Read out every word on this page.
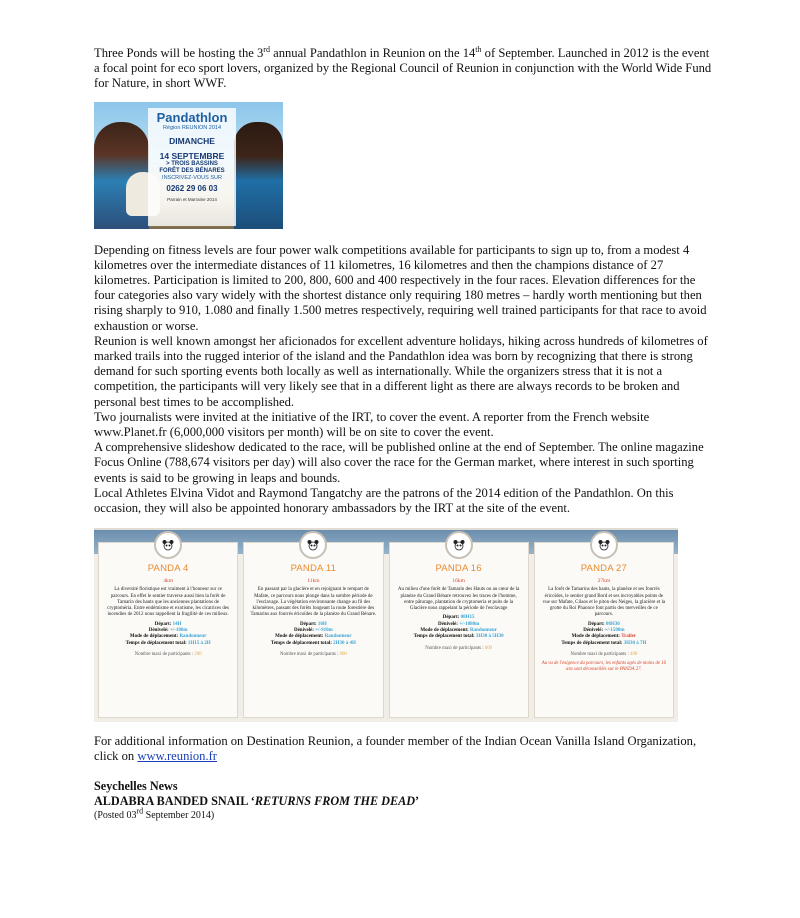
Three Ponds will be hosting the 3rd annual Pandathlon in Reunion on the 14th of September. Launched in 2012 is the event a focal point for eco sport lovers, organized by the Regional Council of Reunion in conjunction with the World Wide Fund for Nature, in short WWF.

Pandathlon
Région REUNION 2014
DIMANCHE
14 SEPTEMBRE
> TROIS BASSINS
FORÊT DES BÉNARES
INSCRIVEZ-VOUS SUR
0262 29 06 03
Parrain et Marraine 2014

Depending on fitness levels are four power walk competitions available for participants to sign up to, from a modest 4 kilometres over the intermediate distances of 11 kilometres, 16 kilometres and then the champions distance of 27 kilometres. Participation is limited to 200, 800, 600 and 400 respectively in the four races. Elevation differences for the four categories also vary widely with the shortest distance only requiring 180 metres – hardly worth mentioning but then rising sharply to 910, 1.080 and finally 1.500 metres respectively, requiring well trained participants for that race to avoid exhaustion or worse.

Reunion is well known amongst her aficionados for excellent adventure holidays, hiking across hundreds of kilometres of marked trails into the rugged interior of the island and the Pandathlon idea was born by recognizing that there is strong demand for such sporting events both locally as well as internationally. While the organizers stress that it is not a competition, the participants will very likely see that in a different light as there are always records to be broken and personal best times to be accomplished.

Two journalists were invited at the initiative of the IRT, to cover the event. A reporter from the French website www.Planet.fr (6,000,000 visitors per month) will be on site to cover the event.

A comprehensive slideshow dedicated to the race, will be published online at the end of September. The online magazine Focus Online (788,674 visitors per day) will also cover the race for the German market, where interest in such sporting events is said to be growing in leaps and bounds.

Local Athletes Elvina Vidot and Raymond Tangatchy are the patrons of the 2014 edition of the Pandathlon. On this occasion, they will also be appointed honorary ambassadors by the IRT at the site of the event.

PANDA 4
4km
La diversité floristique est vraiment à l'honneur sur ce parcours. En effet le sentier traverse aussi bien la forêt de Tamarin des hauts que les anciennes plantations de cryptoméria. Entre endémisme et exotisme, les cicatrices des incendies de 2012 nous rappellent la fragilité de ces milieux.
Départ: 14H
Dénivelé: +/-180m
Mode de déplacement: Randonneur
Temps de déplacement total: 1H15 à 2H
Nombre maxi de participants : 200
PANDA 11
11km
En passant par la glacière et en rejoignant le rempart de Mafate, ce parcours nous plonge dans la sombre période de l'esclavage. La végétation environnante change au fil des kilomètres, passant des forêts longeant la route forestière des Tamarins aux fourrés éricoïdes de la planèze du Grand Bénare.
Départ: 10H
Dénivelé: +/-910m
Mode de déplacement: Randonneur
Temps de déplacement total: 2H30 à 4H
Nombre maxi de participants : 800
PANDA 16
16km
Au milieu d'une forêt de Tamarin des Hauts ou au cœur de la planèze du Grand Bénare retrouvez les traces de l'homme, entre pâturage, plantation de cryptomeria et puits de la Glacière nous rappelant la période de l'esclavage
Départ: 08H15
Dénivelé: +/-1080m
Mode de déplacement: Randonneur
Temps de déplacement total: 3H30 à 5H30
Nombre maxi de participants : 600
PANDA 27
27km
La forêt de Tamarins des hauts, la planèze et ses fourrés éricoïdes, le sentier grand Bord et ses incroyables points de vue sur Mafate, Cilaos et le piton des Neiges, la glacière et la grotte du Roi Phaonce font partis des merveilles de ce parcours.
Départ: 08H30
Dénivelé: +/-1500m
Mode de déplacement: Trailer
Temps de déplacement total: 3H30 à 7H
Nombre maxi de participants : 400
Au vu de l'exigence du parcours, les enfants agés de moins de 16 ans sont déconseillés sur le PANDA 27.

For additional information on Destination Reunion, a founder member of the Indian Ocean Vanilla Island Organization, click on www.reunion.fr

Seychelles News

ALDABRA BANDED SNAIL ‘RETURNS FROM THE DEAD’

(Posted 03rd September 2014)
